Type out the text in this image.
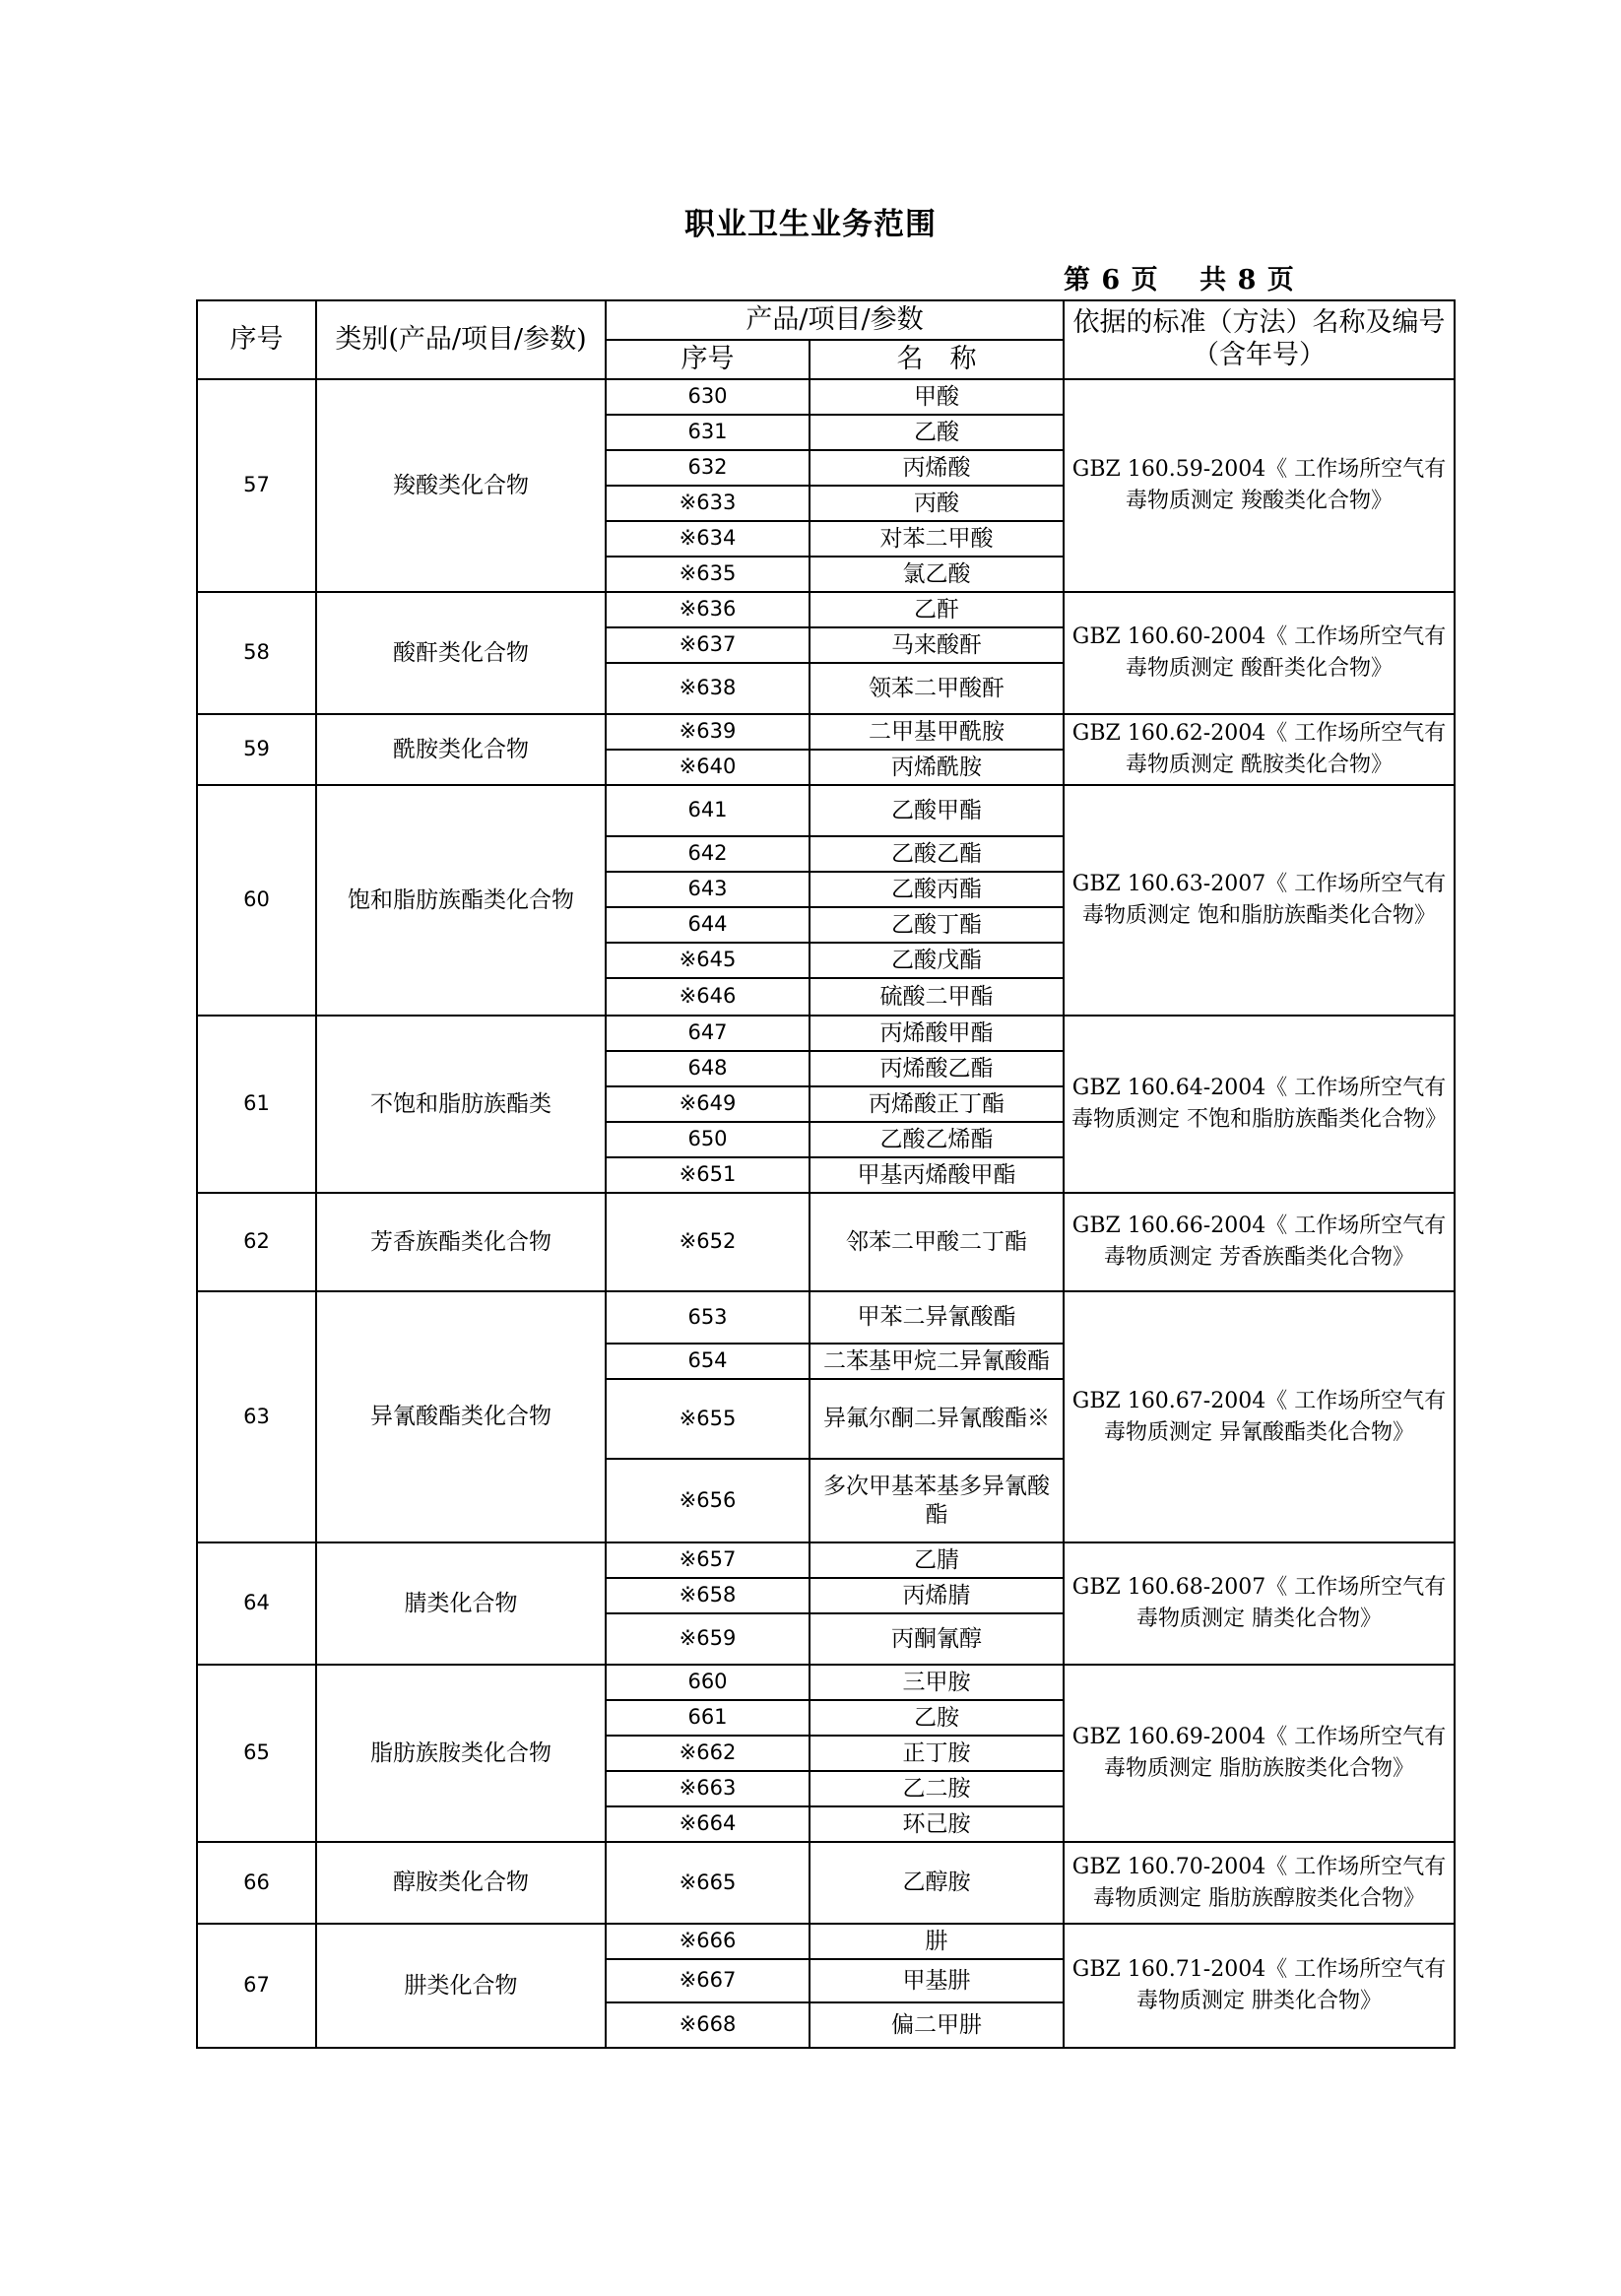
职业卫生业务范围
第 6 页    共 8 页
序号	类别(产品/项目/参数)	产品/项目/参数		依据的标准（方法）名称及编号（含年号）
		序号	名　称	
57	羧酸类化合物	630	甲酸	GBZ 160.59-2004《 工作场所空气有毒物质测定 羧酸类化合物》
		631	乙酸	
		632	丙烯酸	
		※633	丙酸	
		※634	对苯二甲酸	
		※635	氯乙酸	
58	酸酐类化合物	※636	乙酐	GBZ 160.60-2004《 工作场所空气有毒物质测定 酸酐类化合物》
		※637	马来酸酐	
		※638	领苯二甲酸酐	
59	酰胺类化合物	※639	二甲基甲酰胺	GBZ 160.62-2004《 工作场所空气有毒物质测定 酰胺类化合物》
		※640	丙烯酰胺	
60	饱和脂肪族酯类化合物	641	乙酸甲酯	GBZ 160.63-2007《 工作场所空气有毒物质测定 饱和脂肪族酯类化合物》
		642	乙酸乙酯	
		643	乙酸丙酯	
		644	乙酸丁酯	
		※645	乙酸戊酯	
		※646	硫酸二甲酯	
61	不饱和脂肪族酯类	647	丙烯酸甲酯	GBZ 160.64-2004《 工作场所空气有毒物质测定 不饱和脂肪族酯类化合物》
		648	丙烯酸乙酯	
		※649	丙烯酸正丁酯	
		650	乙酸乙烯酯	
		※651	甲基丙烯酸甲酯	
62	芳香族酯类化合物	※652	邻苯二甲酸二丁酯	GBZ 160.66-2004《 工作场所空气有毒物质测定 芳香族酯类化合物》
63	异氰酸酯类化合物	653	甲苯二异氰酸酯	GBZ 160.67-2004《 工作场所空气有毒物质测定 异氰酸酯类化合物》
		654	二苯基甲烷二异氰酸酯	
		※655	异氟尔酮二异氰酸酯※	
		※656	多次甲基苯基多异氰酸酯	
64	腈类化合物	※657	乙腈	GBZ 160.68-2007《 工作场所空气有毒物质测定 腈类化合物》
		※658	丙烯腈	
		※659	丙酮氰醇	
65	脂肪族胺类化合物	660	三甲胺	GBZ 160.69-2004《 工作场所空气有毒物质测定 脂肪族胺类化合物》
		661	乙胺	
		※662	正丁胺	
		※663	乙二胺	
		※664	环己胺	
66	醇胺类化合物	※665	乙醇胺	GBZ 160.70-2004《 工作场所空气有毒物质测定 脂肪族醇胺类化合物》
67	肼类化合物	※666	肼	GBZ 160.71-2004《 工作场所空气有毒物质测定 肼类化合物》
		※667	甲基肼	
		※668	偏二甲肼	
